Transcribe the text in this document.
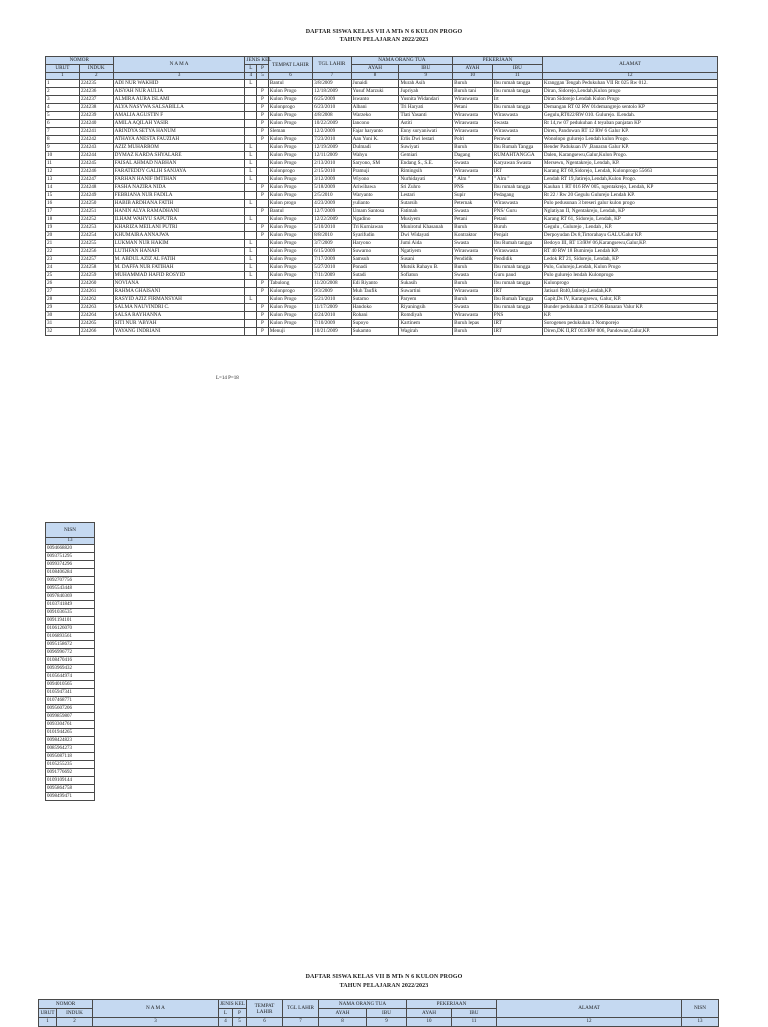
DAFTAR SISWA KELAS VII A MTs N 6 KULON PROGO
TAHUN PELAJARAN 2022/2023
NOMOR		N A M A	JENIS KEL		TEMPAT LAHIR	TGL LAHIR	NAMA ORANG TUA		PEKERJAAN		ALAMAT
URUT	INDUK		L	P			AYAH	IBU	AYAH	IBU	
1	2	3	4	5	6	7	8	9	10	11	12
1	224235	ADI NUR WAKHID	L		Bantul	3/8/2009	Junaidi	Murah Asih	Buruh	Ibu rumah tangga	Kranggan Tengah Pedukuhan VII Rt 025 Rw 012.
2	224236	AISYAH NUR AULIA		P	Kulon Progo	12/18/2009	Yusuf Marzuki	Jupriyah	Buruh tani	Ibu rumah tangga	Diran, Sidorejo,Lendah,Kulon progo
3	224237	ALMIRA AURA ISLAMI		P	Kulon Progo	6/25/2009	Iswanto	Yusnita Widandari	Wiraswasta	Irt	Diran Sidorejo Lendah Kulon Progo
4	224238	ALYA NASYWA SALSABILLA		P	Kulonprogo	6/23/2010	Albani	Tri Haryati	Petani	Ibu rumah tangga	Demangan RT 02 RW 01demangrejo sentolo KP
5	224239	AMALIA AGUSTIN F		P	Kulon Progo	4/8/2008	Warzeko	Tlati Yasanti	Wiraswasta	Wiraswasta	Gegulu,RT022/RW 010. Gulurejo. lLendah.
6	224240	AMILA AQILAH YASIR		P	Kulon Progo	10/22/2009	Iancono	Astiti	Wiraswasta	Swasta	Rt 14,rw 07 pedukuhan 4 teyaban panjatan KP
7	224241	ARINDYA SETYA HANUM		P	Sleman	12/2/2009	Fajar haryanto	Enny suryaniwati	Wiraswasta	Wiraswasta	Diren, Pandowan RT 12 RW 6 Galur KP.
8	224242	ATHAYA ANESTA FAUZIAH		P	Kulon Progo	7/23/2010	Aan Yuni K.	Erlis Dwi lestari	Polri	Perawat	Wonolopo gulurejo Lendah kulon Progo.
9	224243	AZIZ MUHARROM	L		Kulon Progo	12/19/2009	Dulmadi	Suwiyati	Buruh	Ibu Rumah Tangga	Bender Padukuan IV ,Banaran Galur KP.
10	224244	DYMAZ KARDA SHYALARE	L		Kulon Progo	12/11/2009	Wahyu	Gemiari	Dagang	RUMAHTANGGA	Dalen, Karangsewu,Galur,Kulon Progo.
11	224245	FAISAL AHMAD NABHAN	L		Kulon Progo	2/13/2010	Saryono, SM	Endang S., S.E.	Swasta	Karyawan Swasta	Mersewn, Ngentakrejo, Lendah, KP.
12	224246	FARATEDDY GALIH SANJAYA	L		Kulonprogo	2/15/2010	Pramuji	Rimingsih	Wiraswasta	IRT	Karang RT 60,Sidorejo, Lendah, Kulonprogo 55663
13	224247	FARHAN HANIF IMTIHAN	L		Kulon Progo	3/12/2009	Wiyono	Nurhidayati	" Alm "	" Alm "	Lendah RT 19,Jatirejo,Lendah,Kulon Progo.
14	224248	FASHA NAZIRA NIDA		P	Kulon Progo	5/18/2009	Ariwibawa	Sri Zuhro	PNS	Ibu rumah tangga	Kauhan 1 RT 016 RW 005, ngentakrejo, Lendah, KP
15	224249	FEBRIANA NUR FADILA		P	Kulon Progo	2/5/2010	Waryanto	Lestari	Supir	Pedagang	Rt 22 / Rw 20 Gegulu Gulurejo Lendah KP.
16	224250	HABIB ARDHANA FATIH	L		Kulon progo	4/23/2009	yulianto	Sutarsih	Peternak	Wiraswasta	Pulo pedusunan 3 breseri galur kulon progo
17	224251	HANIN ALYA RAMADHANI		P	Bantul	12/7/2009	Umam Santosa	Fatimah	Swasta	PNS/ Guru	Nglatiyan II, Ngentakrejo, Lendah, KP
18	224252	ILHAM WAHYU SAPUTRA	L		Kulon Progo	12/22/2009	Ngadino	Musiyem	Petani	Petani	Karang RT 61, Sidorejo, Lendah, KP
19	224253	KHARIZA MEILANI PUTRI		P	Kulon Progo	5/10/2010	Tri Kurniawan	Munirotul Khasanah	Buruh	Buruh	Gegulu , Gulurejo , Lendah , KP.
20	224254	KHUMAIRA ANNAJWA		P	Kulon Progo	8/8/2010	Syarifudin	Dwi Widayati	Kontraktor	Penjait	Derpoyudan Ds 8,Tirtorahayu GALUGalur KP.
21	224255	LUKMAN NUR HAKIM	L		Kulon Progo	3/7/2009	Haryono	Jumi Aida	Swasta	Ibu Rumah tangga	Bedoyo III, RT 13/RW 06,Karangsewu,Galur,KP.
22	224256	LUTHFAN HANAFI	L		Kulon Progo	6/15/2009	Suwarno	Ngatiyem	Wiraswasta	Wiraswasta	RT 40 RW 18 Bumirejo Lendah KP.
23	224257	M. ABDUL AZIZ AL FATIH	L		Kulon Progo	7/17/2009	Samsuh	Susani	Pendidik	Pendidik	Ledok RT 21, Sidorejo, Lendah, KP
24	224258	M. DAFFA NUR FATIHAH	L		Kulon Progo	5/27/2010	Ponadi	Mutsik Rahayu B.	Buruh	Ibu rumah tangga	Pulo, Gulurejo,Lendah, Kulon Progo
25	224259	MUHAMMAD HAFID ROSYID	L		Kulon Progo	7/11/2009	Sutadi	Sofiatun	Swasta	Guru paud	Pulo gulurejo lendah Kulonprogo
26	224260	NOVIANA		P	Tabulong	11/20/2008	Edi Riyanto	Sukasih	Buruh	Ibu rumah tangga	Kulonprogo
27	224261	RAHMA GHAISANI		P	Kulonprogo	9/3/2009	Muh Taufik	Suwartini	Wiraswasta	IRT	Jatisari Rt40,Jatirejo,Lendah,KP.
28	224262	RASYID AZIZ FIRMANSYAH	L		Kulon Progo	5/21/2010	Sutarno	Paryem	Buruh	Ibu Rumah Tangga	Gapit,Ds IV, Karangsewu, Galur, KP.
29	224263	SALMA NAUVINDRI C.		P	Kulon Progo	11/17/2009	Handoko	Riyaningsih	Swasta	Ibu rumah tangga	Bunder pedukuhan 3 rt12/06 Banaran Valur KP.
30	224264	SALSA RAYHANNA		P	Kulon Progo	4/24/2010	Rohani	Romdiyah	Wiraswasta	PNS	KP.
31	224265	SITI NUR 'ABYAH		P	Kulon Progo	7/10/2009	Supoyo	Kartinem	Buruh lepas	IRT	Sorogenen pedukuhan 3 Nomporejo
32	224266	YAYANG INDRIANI		P	Menuji	10/21/2009	Sukamto	Wagirah	Buruh	IRT	Diren,DK II,RT 013/RW 006, Pandowan,Galur,KP.
L=14 P=18
NISN
13
0094668820
0093751295
0099374296
0108406284
0092707756
0095543448
0097840369
0103741849
0091036535
0091194101
0106126070
0106893561
0095158672
0096996772
0108470416
0093969432
0105644974
0094010565
0105947341
0107468771
0095607206
0099859807
0093304761
0101944265
0098424823
0085964273
0095087118
0105255235
0091776692
0109109144
0095864758
0098499471
DAFTAR SISWA KELAS VII B MTs N 6 KULON PROGO
TAHUN PELAJARAN 2022/2023
NOMOR		N A M A	JENIS KEL		TEMPAT LAHIR	TGL LAHIR	NAMA ORANG TUA		PEKERJAAN		ALAMAT	NISN
URUT	INDUK		L	P			AYAH	IBU	AYAH	IBU		
1	2	3	4	5	6	7	8	9	10	11	12	13
